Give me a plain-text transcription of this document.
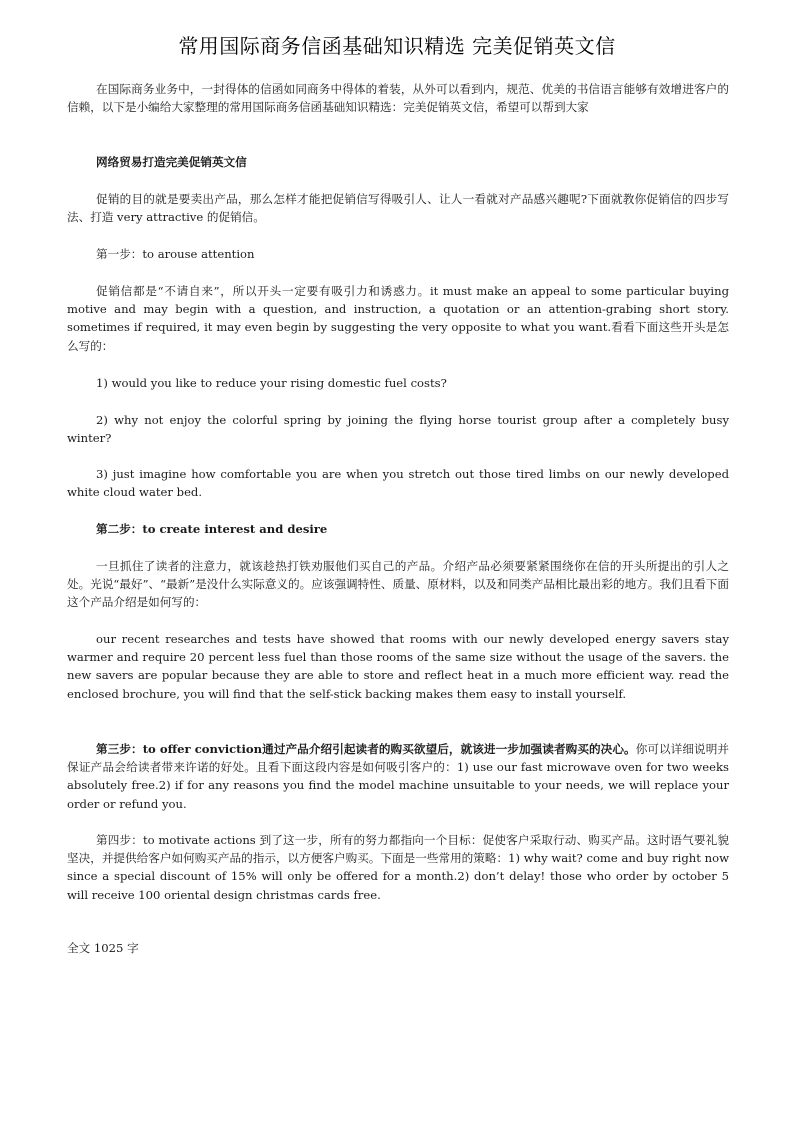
常用国际商务信函基础知识精选 完美促销英文信

在国际商务业务中，一封得体的信函如同商务中得体的着装，从外可以看到内，规范、优美的书信语言能够有效增进客户的信赖，以下是小编给大家整理的常用国际商务信函基础知识精选：完美促销英文信，希望可以帮到大家

网络贸易打造完美促销英文信

促销的目的就是要卖出产品，那么怎样才能把促销信写得吸引人、让人一看就对产品感兴趣呢?下面就教你促销信的四步写法、打造 very attractive 的促销信。

第一步：to arouse attention

促销信都是“不请自来”，所以开头一定要有吸引力和诱惑力。it must make an appeal to some particular buying motive and may begin with a question, and instruction, a quotation or an attention-grabing short story. sometimes if required, it may even begin by suggesting the very opposite to what you want.看看下面这些开头是怎么写的：

1) would you like to reduce your rising domestic fuel costs?

2) why not enjoy the colorful spring by joining the flying horse tourist group after a completely busy winter?

3) just imagine how comfortable you are when you stretch out those tired limbs on our newly developed white cloud water bed.

第二步：to create interest and desire

一旦抓住了读者的注意力，就该趁热打铁劝服他们买自己的产品。介绍产品必须要紧紧围绕你在信的开头所提出的引人之处。光说“最好”、“最新”是没什么实际意义的。应该强调特性、质量、原材料，以及和同类产品相比最出彩的地方。我们且看下面这个产品介绍是如何写的：

our recent researches and tests have showed that rooms with our newly developed energy savers stay warmer and require 20 percent less fuel than those rooms of the same size without the usage of the savers. the new savers are popular because they are able to store and reflect heat in a much more efficient way. read the enclosed brochure, you will find that the self-stick backing makes them easy to install yourself.

第三步：to offer conviction通过产品介绍引起读者的购买欲望后，就该进一步加强读者购买的决心。你可以详细说明并保证产品会给读者带来许诺的好处。且看下面这段内容是如何吸引客户的：1) use our fast microwave oven for two weeks absolutely free.2) if for any reasons you find the model machine unsuitable to your needs, we will replace your order or refund you.

第四步：to motivate actions 到了这一步，所有的努力都指向一个目标：促使客户采取行动、购买产品。这时语气要礼貌坚决，并提供给客户如何购买产品的指示，以方便客户购买。下面是一些常用的策略：1) why wait? come and buy right now since a special discount of 15% will only be offered for a month.2) don’t delay! those who order by october 5 will receive 100 oriental design christmas cards free.

全文 1025 字
